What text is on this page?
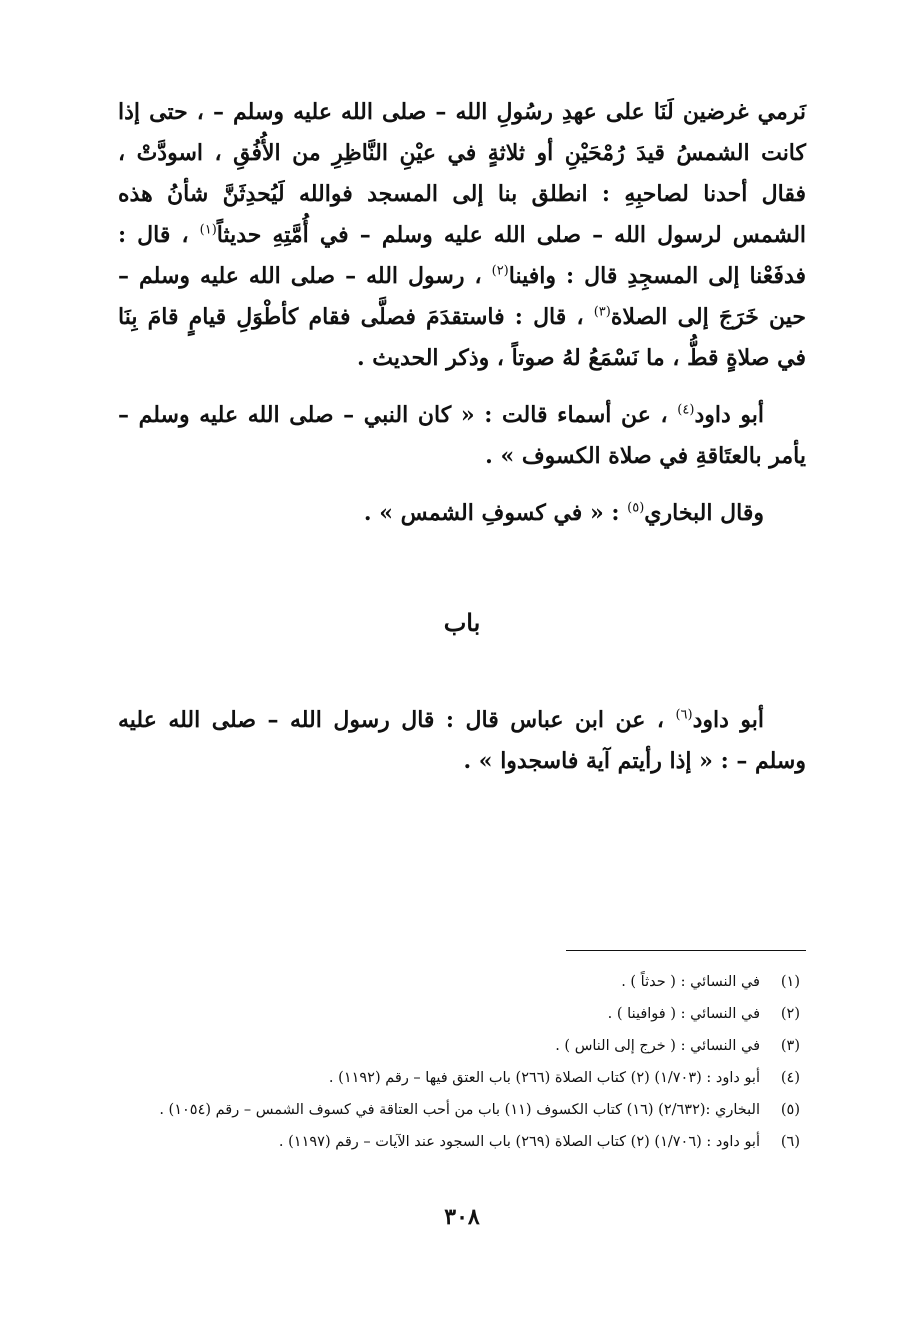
نَرمي غرضين لَنَا على عهدِ رسُولِ الله – صلى الله عليه وسلم – ، حتى إذا كانت الشمسُ قيدَ رُمْحَيْنِ أو ثلاثةٍ في عيْنِ النَّاظِرِ من الأُفُقِ ، اسودَّتْ ، فقال أحدنا لصاحبِهِ : انطلق بنا إلى المسجد فوالله لَيُحدِثَنَّ شأنُ هذه الشمس لرسول الله – صلى الله عليه وسلم – في أُمَّتِهِ حديثاً$^{(١)}$ ، قال : فدفَعْنا إلى المسجِدِ قال : وافينا$^{(٢)}$ ، رسول الله – صلى الله عليه وسلم – حين خَرَجَ إلى الصلاة$^{(٣)}$ ، قال : فاستقدَمَ فصلَّى فقام كأطْوَلِ قيامٍ قامَ بِنَا في صلاةٍ قطُّ ، ما نَسْمَعُ لهُ صوتاً ، وذكر الحديث .

أبو داود$^{(٤)}$ ، عن أسماء قالت : « كان النبي – صلى الله عليه وسلم – يأمر بالعتَاقةِ في صلاة الكسوف » .

وقال البخاري$^{(٥)}$ : « في كسوفِ الشمس » .

باب

أبو داود$^{(٦)}$ ، عن ابن عباس قال : قال رسول الله – صلى الله عليه وسلم – : « إذا رأيتم آية فاسجدوا » .

(١)
في النسائي : ( حدثاً ) .
(٢)
في النسائي : ( فوافينا ) .
(٣)
في النسائي : ( خرج إلى الناس ) .
(٤)
أبو داود : (١/٧٠٣) (٢) كتاب الصلاة (٢٦٦) باب العتق فيها – رقم (١١٩٢) .
(٥)
البخاري :(٢/٦٣٢) (١٦) كتاب الكسوف (١١) باب من أحب العتاقة في كسوف الشمس – رقم (١٠٥٤) .
(٦)
أبو داود : (١/٧٠٦) (٢) كتاب الصلاة (٢٦٩) باب السجود عند الآيات – رقم (١١٩٧) .
٣٠٨
